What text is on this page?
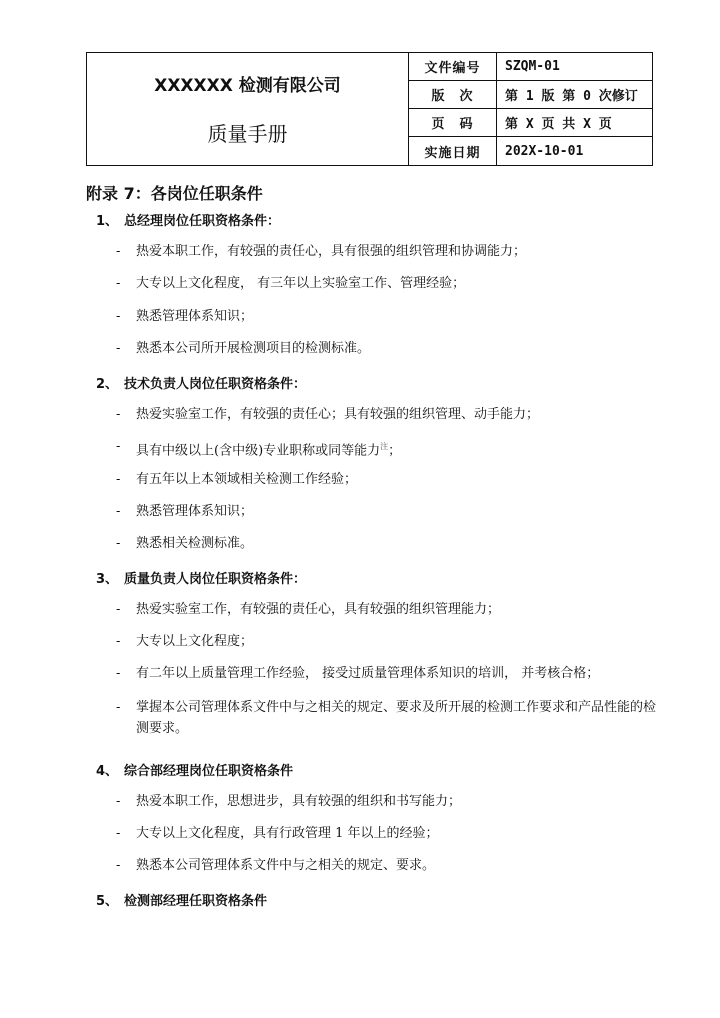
XXXXXX 检测有限公司
质量手册	文件编号	SZQM-01
	版　次	第 1 版 第 0 次修订
	页　码	第 X 页 共 X 页
	实施日期	202X-10-01
附录 7：各岗位任职条件
1、 总经理岗位任职资格条件：

-	热爱本职工作，有较强的责任心，具有很强的组织管理和协调能力；

-	大专以上文化程度， 有三年以上实验室工作、管理经验；

-	熟悉管理体系知识；

-	熟悉本公司所开展检测项目的检测标准。

2、 技术负责人岗位任职资格条件：

-	热爱实验室工作，有较强的责任心；具有较强的组织管理、动手能力；

-	具有中级以上(含中级)专业职称或同等能力$^注$；

-	有五年以上本领域相关检测工作经验；

-	熟悉管理体系知识；

-	熟悉相关检测标准。

3、 质量负责人岗位任职资格条件：

-	热爱实验室工作，有较强的责任心，具有较强的组织管理能力；

-	大专以上文化程度；

-	有二年以上质量管理工作经验， 接受过质量管理体系知识的培训， 并考核合格；

-	掌握本公司管理体系文件中与之相关的规定、要求及所开展的检测工作要求和产品性能的检测要求。

4、 综合部经理岗位任职资格条件

-	热爱本职工作，思想进步，具有较强的组织和书写能力；

-	大专以上文化程度，具有行政管理 1 年以上的经验；

-	熟悉本公司管理体系文件中与之相关的规定、要求。

5、 检测部经理任职资格条件
